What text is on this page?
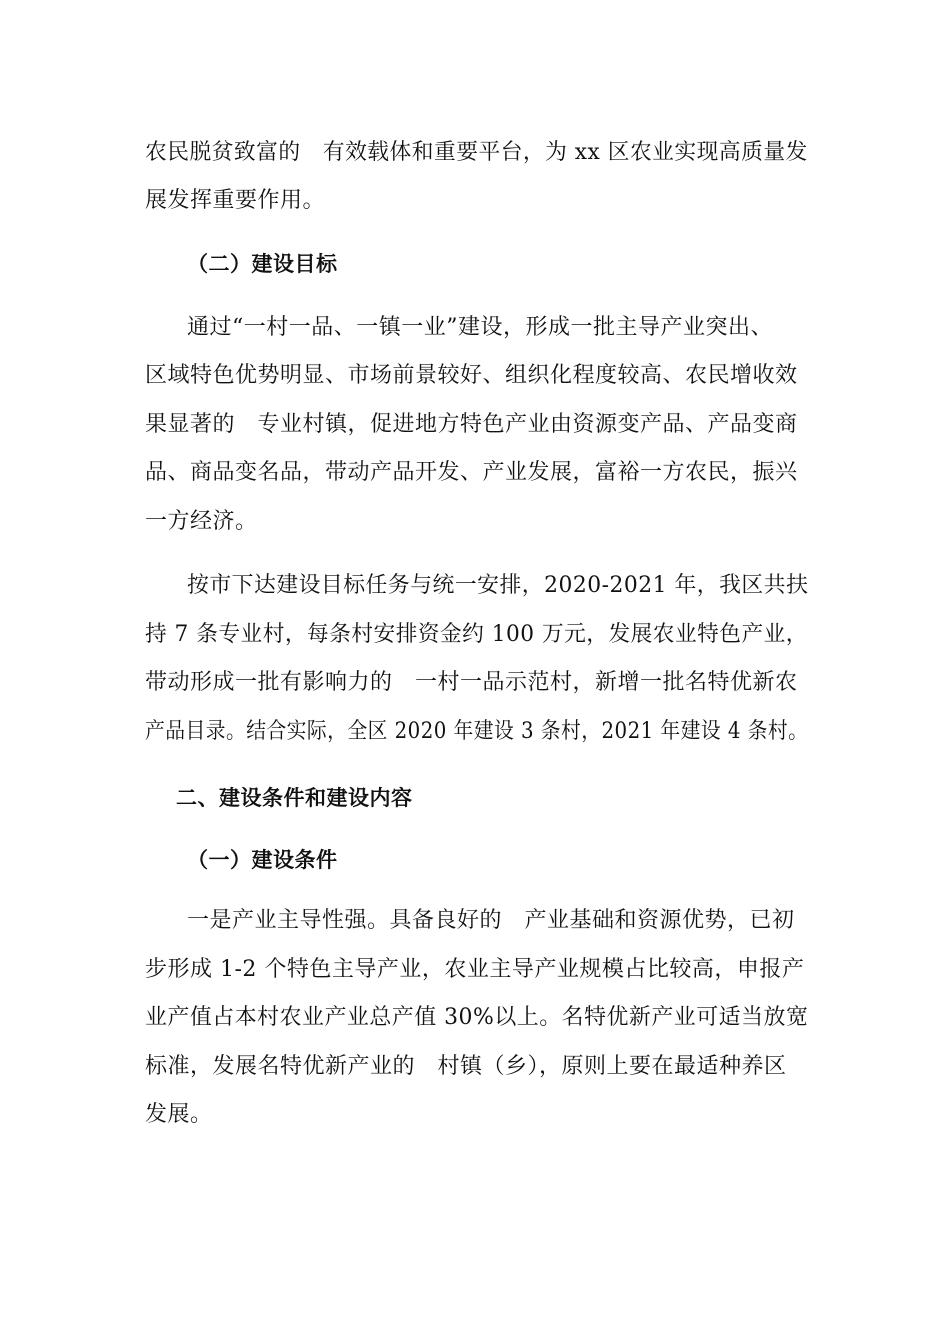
农民脱贫致富的   有效载体和重要平台，为 xx 区农业实现高质量发
展发挥重要作用。
（二）建设目标
通过“一村一品、一镇一业”建设，形成一批主导产业突出、
区域特色优势明显、市场前景较好、组织化程度较高、农民增收效
果显著的   专业村镇，促进地方特色产业由资源变产品、产品变商
品、商品变名品，带动产品开发、产业发展，富裕一方农民，振兴
一方经济。
按市下达建设目标任务与统一安排，2020-2021 年，我区共扶
持 7 条专业村，每条村安排资金约 100 万元，发展农业特色产业，
带动形成一批有影响力的   一村一品示范村，新增一批名特优新农
产品目录。结合实际，全区 2020 年建设 3 条村，2021 年建设 4 条村。
二、建设条件和建设内容
（一）建设条件
一是产业主导性强。具备良好的   产业基础和资源优势，已初
步形成 1-2 个特色主导产业，农业主导产业规模占比较高，申报产
业产值占本村农业产业总产值 30%以上。名特优新产业可适当放宽
标准，发展名特优新产业的   村镇（乡），原则上要在最适种养区
发展。
